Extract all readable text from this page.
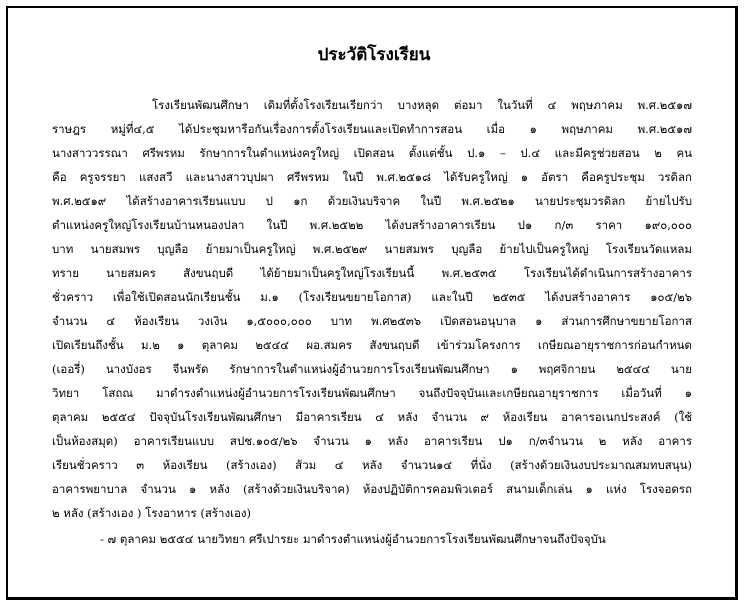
ประวัติโรงเรียน
โรงเรียนพัฒนศึกษา เดิมที่ตั้งโรงเรียนเรียกว่า บางหลุด ต่อมา ในวันที่ ๔ พฤษภาคม พ.ศ.๒๕๑๗
ราษฎร หมู่ที่๔,๕ ได้ประชุมหารือกันเรื่องการตั้งโรงเรียนและเปิดทำการสอน เมื่อ ๑ พฤษภาคม พ.ศ.๒๕๑๗
นางสาววรรณา ศรีพรหม รักษาการในตำแหน่งครูใหญ่ เปิดสอน ตั้งแต่ชั้น ป.๑ – ป.๔ และมีครูช่วยสอน ๒ คน
คือ ครูจรรยา แสงสวี และนางสาวบุปผา ศรีพรหม ในปี พ.ศ.๒๕๑๘ ได้รับครูใหญ่ ๑ อัตรา คือครูประชุม วรดิลก
พ.ศ.๒๕๑๙ ได้สร้างอาคารเรียนแบบ ป ๑ก ด้วยเงินบริจาค ในปี พ.ศ.๒๕๒๑ นายประชุมวรดิลก ย้ายไปรับ
ตำแหน่งครูใหญ่โรงเรียนบ้านหนองปลา ในปี พ.ศ.๒๕๒๒ ได้งบสร้างอาคารเรียน ป๑ ก/๓ ราคา ๑๙๐,๐๐๐
บาท นายสมพร บุญลือ ย้ายมาเป็นครูใหญ่ พ.ศ.๒๕๒๙ นายสมพร บุญลือ ย้ายไปเป็นครูใหญ่ โรงเรียนวัดแหลม
ทราย นายสมคร สังขนฤบดี ได้ย้ายมาเป็นครูใหญ่โรงเรียนนี้ พ.ศ.๒๕๓๕ โรงเรียนได้ดำเนินการสร้างอาคาร
ชั่วคราว เพื่อใช้เปิดสอนนักเรียนชั้น ม.๑ (โรงเรียนขยายโอกาส) และในปี ๒๕๓๕ ได้งบสร้างอาคาร ๑๐๕/๒๖
จำนวน ๔ ห้องเรียน วงเงิน ๑,๕๐๐๐,๐๐๐ บาท พ.ศ๒๕๓๖ เปิดสอนอนุบาล ๑ ส่วนการศึกษาขยายโอกาส
เปิดเรียนถึงชั้น ม.๒ ๑ ตุลาคม ๒๕๔๔ ผอ.สมคร สังขนฤบดี เข้าร่วมโครงการ เกษียณอายุราชการก่อนกำหนด
(เออรี่) นางบังอร จีนพรัด รักษาการในตำแหน่งผู้อำนวยการโรงเรียนพัฒนศึกษา ๑ พฤศจิกายน ๒๕๔๔ นาย
วิทยา โสถณ มาดำรงตำแหน่งผู้อำนวยการโรงเรียนพัฒนศึกษา จนถึงปัจจุบันและเกษียณอายุราชการ เมื่อวันที่ ๑
ตุลาคม ๒๕๕๔ ปัจจุบันโรงเรียนพัฒนศึกษา มีอาคารเรียน ๔ หลัง จำนวน ๙ ห้องเรียน อาคารอเนกประสงค์ (ใช้
เป็นห้องสมุด) อาคารเรียนแบบ สปช.๑๐๕/๒๖ จำนวน ๑ หลัง อาคารเรียน ป๑ ก/๓จำนวน ๒ หลัง อาคาร
เรียนชั่วคราว ๓ ห้องเรียน (สร้างเอง) ส้วม ๔ หลัง จำนวน๑๔ ที่นั่ง (สร้างด้วยเงินงบประมาณสมทบสนุน)
อาคารพยาบาล จำนวน ๑ หลัง (สร้างด้วยเงินบริจาค) ห้องปฏิบัติการคอมพิวเตอร์ สนามเด็กเล่น ๑ แห่ง โรงจอดรถ
๒ หลัง (สร้างเอง ) โรงอาหาร (สร้างเอง)
- ๗ ตุลาคม ๒๕๕๔ นายวิทยา ศรีเปารยะ มาดำรงตำแหน่งผู้อำนวยการโรงเรียนพัฒนศึกษาจนถึงปัจจุบัน
